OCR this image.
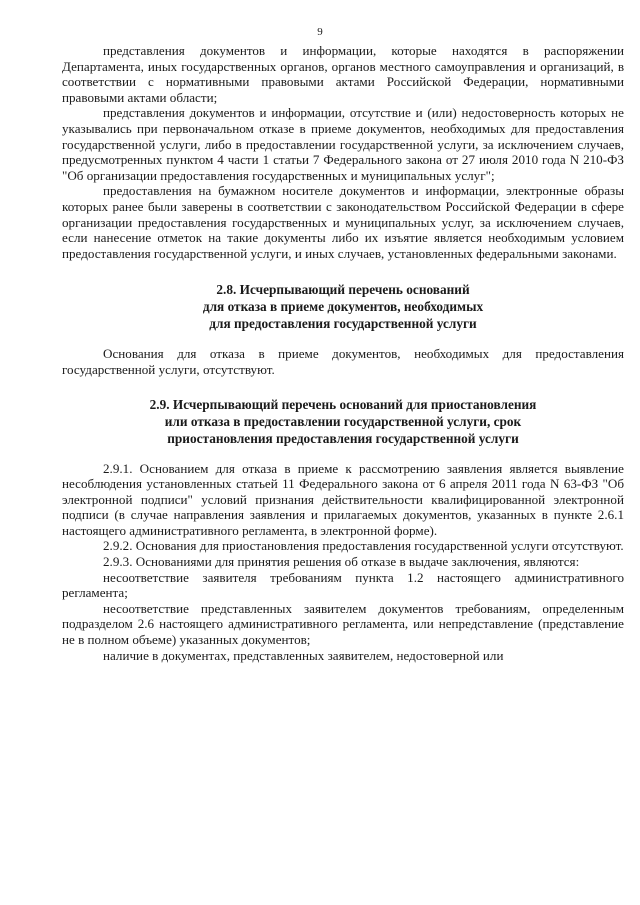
9

представления документов и информации, которые находятся в распоряжении Департамента, иных государственных органов, органов местного самоуправления и организаций, в соответствии с нормативными правовыми актами Российской Федерации, нормативными правовыми актами области;

представления документов и информации, отсутствие и (или) недостоверность которых не указывались при первоначальном отказе в приеме документов, необходимых для предоставления государственной услуги, либо в предоставлении государственной услуги, за исключением случаев, предусмотренных пунктом 4 части 1 статьи 7 Федерального закона от 27 июля 2010 года N 210-ФЗ "Об организации предоставления государственных и муниципальных услуг";

предоставления на бумажном носителе документов и информации, электронные образы которых ранее были заверены в соответствии с законодательством Российской Федерации в сфере организации предоставления государственных и муниципальных услуг, за исключением случаев, если нанесение отметок на такие документы либо их изъятие является необходимым условием предоставления государственной услуги, и иных случаев, установленных федеральными законами.

2.8. Исчерпывающий перечень оснований
для отказа в приеме документов, необходимых
для предоставления государственной услуги

Основания для отказа в приеме документов, необходимых для предоставления государственной услуги, отсутствуют.

2.9. Исчерпывающий перечень оснований для приостановления
или отказа в предоставлении государственной услуги, срок
приостановления предоставления государственной услуги

2.9.1. Основанием для отказа в приеме к рассмотрению заявления является выявление несоблюдения установленных статьей 11 Федерального закона от 6 апреля 2011 года N 63-ФЗ "Об электронной подписи" условий признания действительности квалифицированной электронной подписи (в случае направления заявления и прилагаемых документов, указанных в пункте 2.6.1 настоящего административного регламента, в электронной форме).

2.9.2. Основания для приостановления предоставления государственной услуги отсутствуют.

2.9.3. Основаниями для принятия решения об отказе в выдаче заключения, являются:

несоответствие заявителя требованиям пункта 1.2 настоящего административного регламента;

несоответствие представленных заявителем документов требованиям, определенным подразделом 2.6 настоящего административного регламента, или непредставление (представление не в полном объеме) указанных документов;

наличие в документах, представленных заявителем, недостоверной или
